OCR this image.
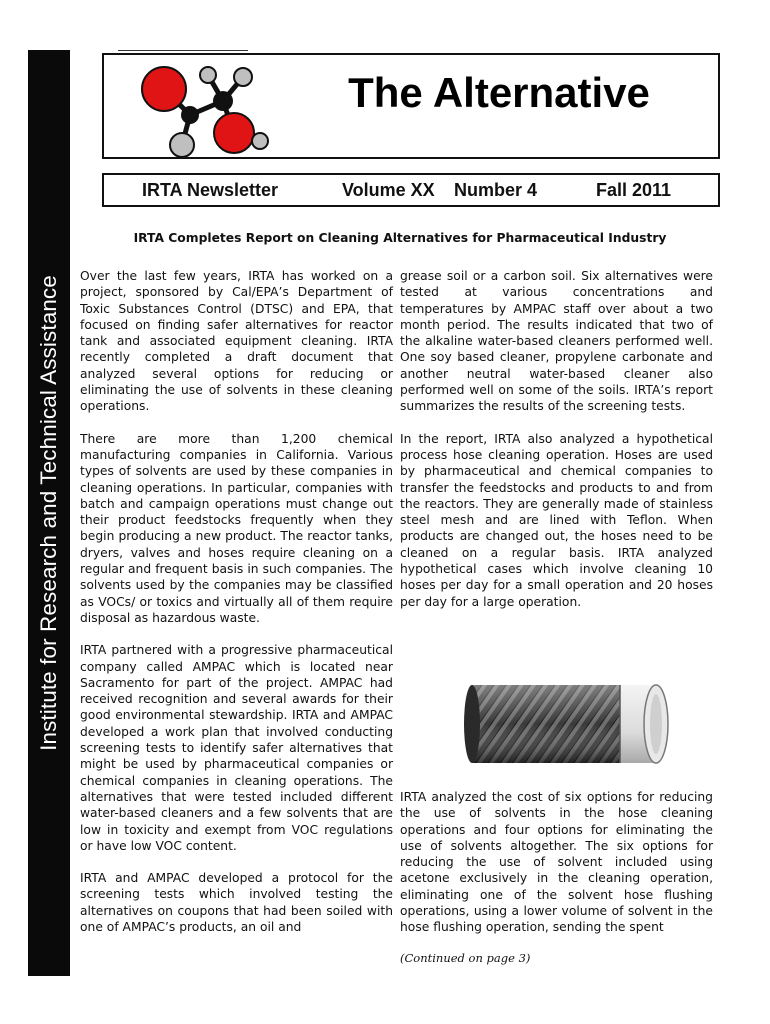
Institute for Research and Technical Assistance
The Alternative
IRTA Newsletter	Volume XX Number 4	Fall 2011
IRTA Completes Report on Cleaning Alternatives for Pharmaceutical Industry

Over the last few years, IRTA has worked on a project, sponsored by Cal/EPA’s Department of Toxic Substances Control (DTSC) and EPA, that focused on finding safer alternatives for reactor tank and associated equipment cleaning. IRTA recently completed a draft document that analyzed several options for reducing or eliminating the use of solvents in these cleaning operations.

There are more than 1,200 chemical manufacturing companies in California. Various types of solvents are used by these companies in cleaning operations. In particular, companies with batch and campaign operations must change out their product feedstocks frequently when they begin producing a new product. The reactor tanks, dryers, valves and hoses require cleaning on a regular and frequent basis in such companies. The solvents used by the companies may be classified as VOCs/ or toxics and virtually all of them require disposal as hazardous waste.

IRTA partnered with a progressive pharmaceutical company called AMPAC which is located near Sacramento for part of the project. AMPAC had received recognition and several awards for their good environmental stewardship. IRTA and AMPAC developed a work plan that involved conducting screening tests to identify safer alternatives that might be used by pharmaceutical companies or chemical companies in cleaning operations. The alternatives that were tested included different water-based cleaners and a few solvents that are low in toxicity and exempt from VOC regulations or have low VOC content.

IRTA and AMPAC developed a protocol for the screening tests which involved testing the alternatives on coupons that had been soiled with one of AMPAC’s products, an oil and

grease soil or a carbon soil. Six alternatives were tested at various concentrations and temperatures by AMPAC staff over about a two month period. The results indicated that two of the alkaline water-based cleaners performed well. One soy based cleaner, propylene carbonate and another neutral water-based cleaner also performed well on some of the soils. IRTA’s report summarizes the results of the screening tests.

In the report, IRTA also analyzed a hypothetical process hose cleaning operation. Hoses are used by pharmaceutical and chemical companies to transfer the feedstocks and products to and from the reactors. They are generally made of stainless steel mesh and are lined with Teflon. When products are changed out, the hoses need to be cleaned on a regular basis. IRTA analyzed hypothetical cases which involve cleaning 10 hoses per day for a small operation and 20 hoses per day for a large operation.

IRTA analyzed the cost of six options for reducing the use of solvents in the hose cleaning operations and four options for eliminating the use of solvents altogether. The six options for reducing the use of solvent included using acetone exclusively in the cleaning operation, eliminating one of the solvent hose flushing operations, using a lower volume of solvent in the hose flushing operation, sending the spent

(Continued on page 3)
